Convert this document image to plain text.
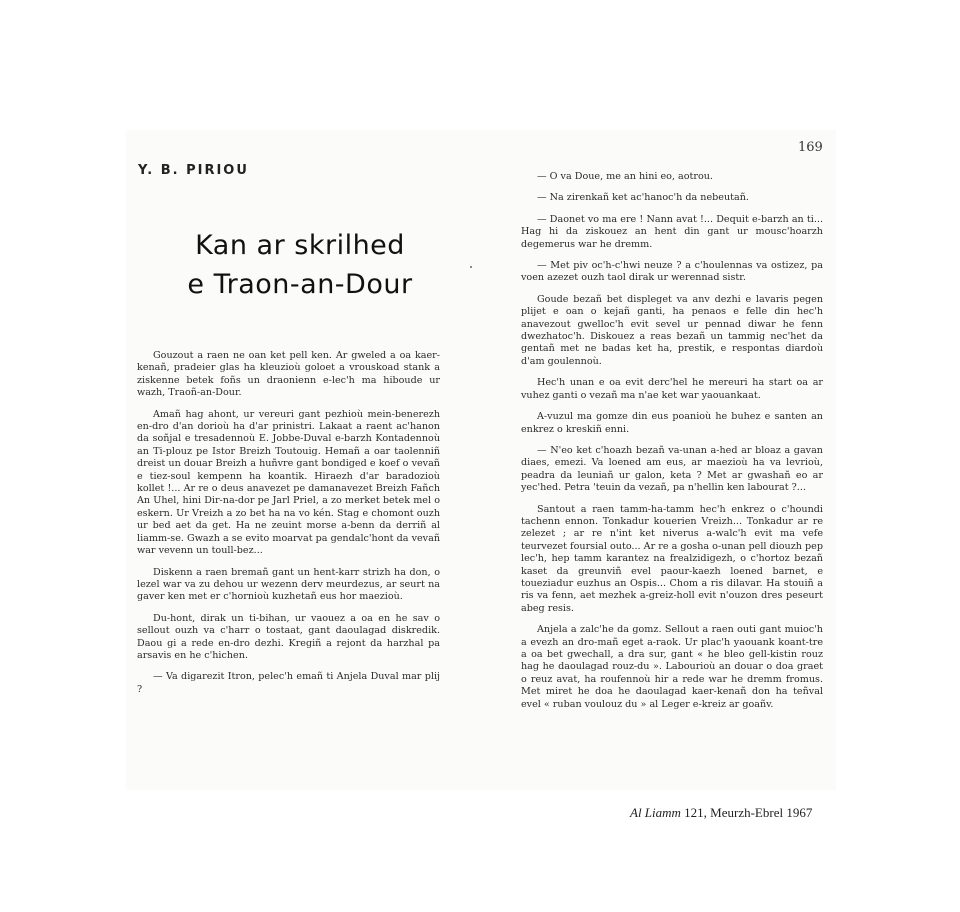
Y. B. PIRIOU
Kan ar skrilhed
e Traon-an-Dour
169

Gouzout a raen ne oan ket pell ken. Ar gweled a oa kaer-kenañ, pradeier glas ha kleuzioù goloet a vrouskoad stank a ziskenne betek foñs un draonienn e-lec'h ma hiboude ur wazh, Traoñ-an-Dour.

Amañ hag ahont, ur vereuri gant pezhioù mein-benerezh en-dro d'an dorioù ha d'ar prinistri. Lakaat a raent ac'hanon da soñjal e tresadennoù E. Jobbe-Duval e-barzh Kontadennoù an Ti-plouz pe Istor Breizh Toutouig. Hemañ a oar taolenniñ dreist un douar Breizh a huñvre gant bondiged e koef o vevañ e tiez-soul kempenn ha koantik. Hiraezh d'ar baradozioù kollet !... Ar re o deus anavezet pe damanavezet Breizh Fañch An Uhel, hini Dir-na-dor pe Jarl Priel, a zo merket betek mel o eskern. Ur Vreizh a zo bet ha na vo kén. Stag e chomont ouzh ur bed aet da get. Ha ne zeuint morse a-benn da derriñ al liamm-se. Gwazh a se evito moarvat pa gendalc'hont da vevañ war vevenn un toull-bez...

Diskenn a raen bremañ gant un hent-karr strizh ha don, o lezel war va zu dehou ur wezenn derv meurdezus, ar seurt na gaver ken met er c'hornioù kuzhetañ eus hor maezioù.

Du-hont, dirak un ti-bihan, ur vaouez a oa en he sav o sellout ouzh va c'harr o tostaat, gant daoulagad diskredik. Daou gi a rede en-dro dezhi. Kregiñ a rejont da harzhal pa arsavis en he c'hichen.

— Va digarezit Itron, pelec'h emañ ti Anjela Duval mar plij ?

— O va Doue, me an hini eo, aotrou.

— Na zirenkañ ket ac'hanoc'h da nebeutañ.

— Daonet vo ma ere ! Nann avat !... Dequit e-barzh an ti... Hag hi da ziskouez an hent din gant ur mousc'hoarzh degemerus war he dremm.

— Met piv oc'h-c'hwi neuze ? a c'houlennas va ostizez, pa voen azezet ouzh taol dirak ur werennad sistr.

Goude bezañ bet displeget va anv dezhi e lavaris pegen plijet e oan o kejañ ganti, ha penaos e felle din hec'h anavezout gwelloc'h evit sevel ur pennad diwar he fenn dwezhatoc'h. Diskouez a reas bezañ un tammig nec'het da gentañ met ne badas ket ha, prestik, e respontas diardoù d'am goulennoù.

Hec'h unan e oa evit derc'hel he mereuri ha start oa ar vuhez ganti o vezañ ma n'ae ket war yaouankaat.

A-vuzul ma gomze din eus poanioù he buhez e santen an enkrez o kreskiñ enni.

— N'eo ket c'hoazh bezañ va-unan a-hed ar bloaz a gavan diaes, emezi. Va loened am eus, ar maezioù ha va levrioù, peadra da leuniañ ur galon, keta ? Met ar gwashañ eo ar yec'hed. Petra 'teuin da vezañ, pa n'hellin ken labourat ?...

Santout a raen tamm-ha-tamm hec'h enkrez o c'houndi tachenn ennon. Tonkadur kouerien Vreizh... Tonkadur ar re zelezet ; ar re n'int ket niverus a-walc'h evit ma vefe teurvezet foursial outo... Ar re a gosha o-unan pell diouzh pep lec'h, hep tamm karantez na frealzidigezh, o c'hortoz bezañ kaset da greunviñ evel paour-kaezh loened barnet, e toueziadur euzhus an Ospis... Chom a ris dilavar. Ha stouiñ a ris va fenn, aet mezhek a-greiz-holl evit n'ouzon dres peseurt abeg resis.

Anjela a zalc'he da gomz. Sellout a raen outi gant muioc'h a evezh an dro-mañ eget a-raok. Ur plac'h yaouank koant-tre a oa bet gwechall, a dra sur, gant « he bleo gell-kistin rouz hag he daoulagad rouz-du ». Labourioù an douar o doa graet o reuz avat, ha roufennoù hir a rede war he dremm fromus. Met miret he doa he daoulagad kaer-kenañ don ha teñval evel « ruban voulouz du » al Leger e-kreiz ar goañv.

Al Liamm 121, Meurzh-Ebrel 1967
